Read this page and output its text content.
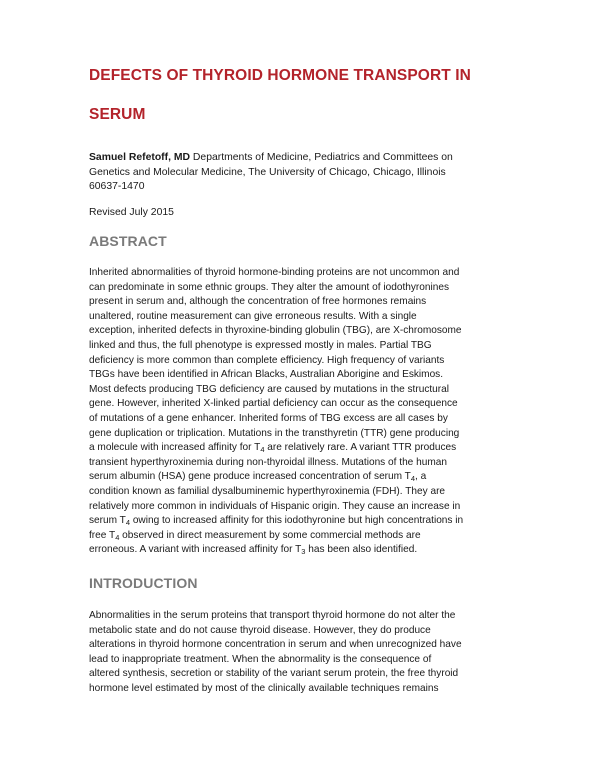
DEFECTS OF THYROID HORMONE TRANSPORT IN
SERUM

Samuel Refetoff, MD Departments of Medicine, Pediatrics and Committees on
Genetics and Molecular Medicine, The University of Chicago, Chicago, Illinois
60637-1470

Revised July 2015

ABSTRACT

Inherited abnormalities of thyroid hormone-binding proteins are not uncommon and
can predominate in some ethnic groups. They alter the amount of iodothyronines
present in serum and, although the concentration of free hormones remains
unaltered, routine measurement can give erroneous results. With a single
exception, inherited defects in thyroxine-binding globulin (TBG), are X-chromosome
linked and thus, the full phenotype is expressed mostly in males. Partial TBG
deficiency is more common than complete efficiency. High frequency of variants
TBGs have been identified in African Blacks, Australian Aborigine and Eskimos.
Most defects producing TBG deficiency are caused by mutations in the structural
gene. However, inherited X-linked partial deficiency can occur as the consequence
of mutations of a gene enhancer. Inherited forms of TBG excess are all cases by
gene duplication or triplication. Mutations in the transthyretin (TTR) gene producing
a molecule with increased affinity for $T_4$ are relatively rare. A variant TTR produces
transient hyperthyroxinemia during non-thyroidal illness. Mutations of the human
serum albumin (HSA) gene produce increased concentration of serum $T_4$, a
condition known as familial dysalbuminemic hyperthyroxinemia (FDH). They are
relatively more common in individuals of Hispanic origin. They cause an increase in
serum $T_4$ owing to increased affinity for this iodothyronine but high concentrations in
free $T_4$ observed in direct measurement by some commercial methods are
erroneous. A variant with increased affinity for $T_3$ has been also identified.

INTRODUCTION

Abnormalities in the serum proteins that transport thyroid hormone do not alter the
metabolic state and do not cause thyroid disease. However, they do produce
alterations in thyroid hormone concentration in serum and when unrecognized have
lead to inappropriate treatment. When the abnormality is the consequence of
altered synthesis, secretion or stability of the variant serum protein, the free thyroid
hormone level estimated by most of the clinically available techniques remains
